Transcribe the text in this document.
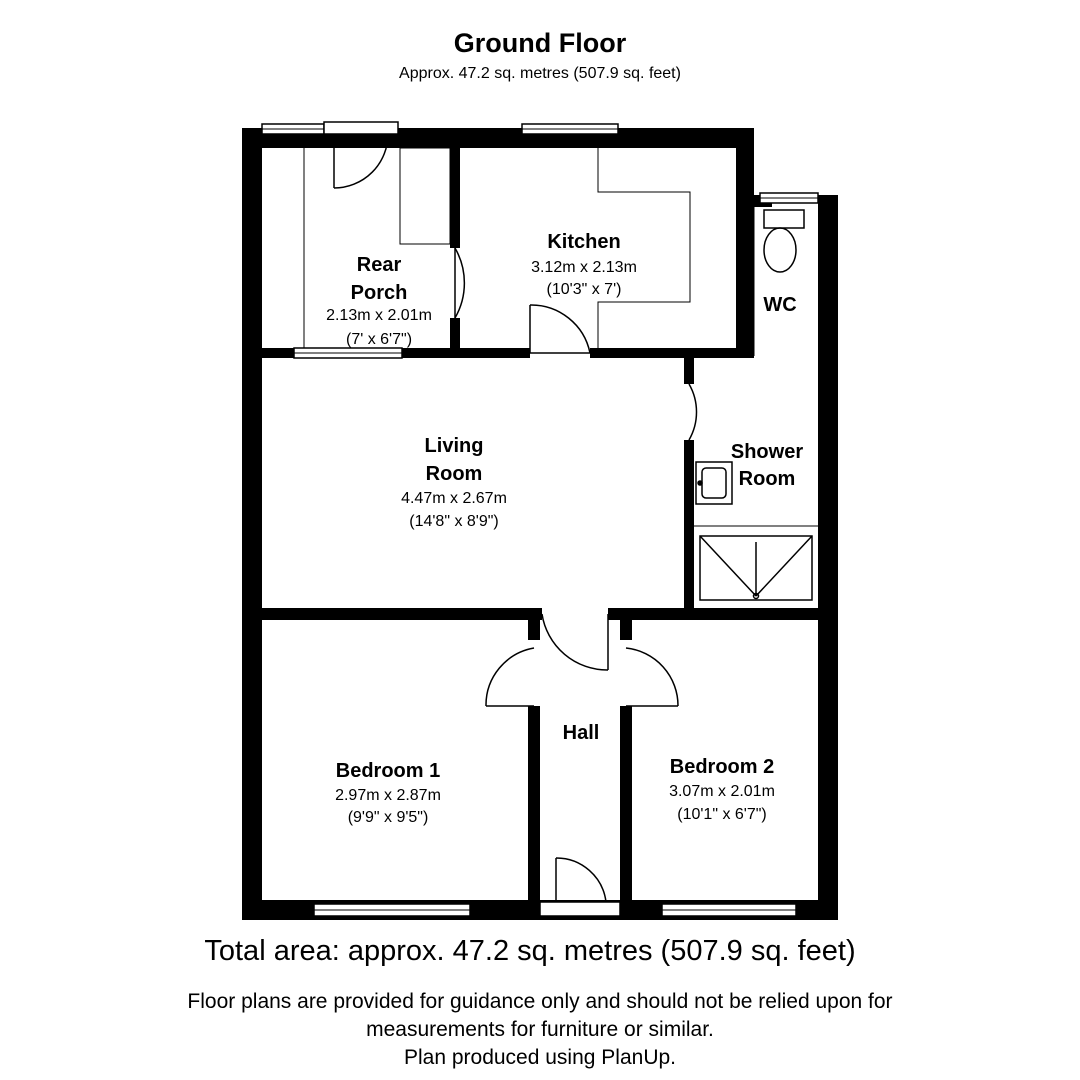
Ground Floor
Approx. 47.2 sq. metres (507.9 sq. feet)
Rear
Porch
2.13m x 2.01m
(7' x 6'7")
Kitchen
3.12m x 2.13m
(10'3" x 7')
WC
Living
Room
4.47m x 2.67m
(14'8" x 8'9")
Shower
Room
Hall
Bedroom 1
2.97m x 2.87m
(9'9" x 9'5")
Bedroom 2
3.07m x 2.01m
(10'1" x 6'7")
Total area: approx. 47.2 sq. metres (507.9 sq. feet)
Floor plans are provided for guidance only and should not be relied upon for
measurements for furniture or similar.
Plan produced using PlanUp.
